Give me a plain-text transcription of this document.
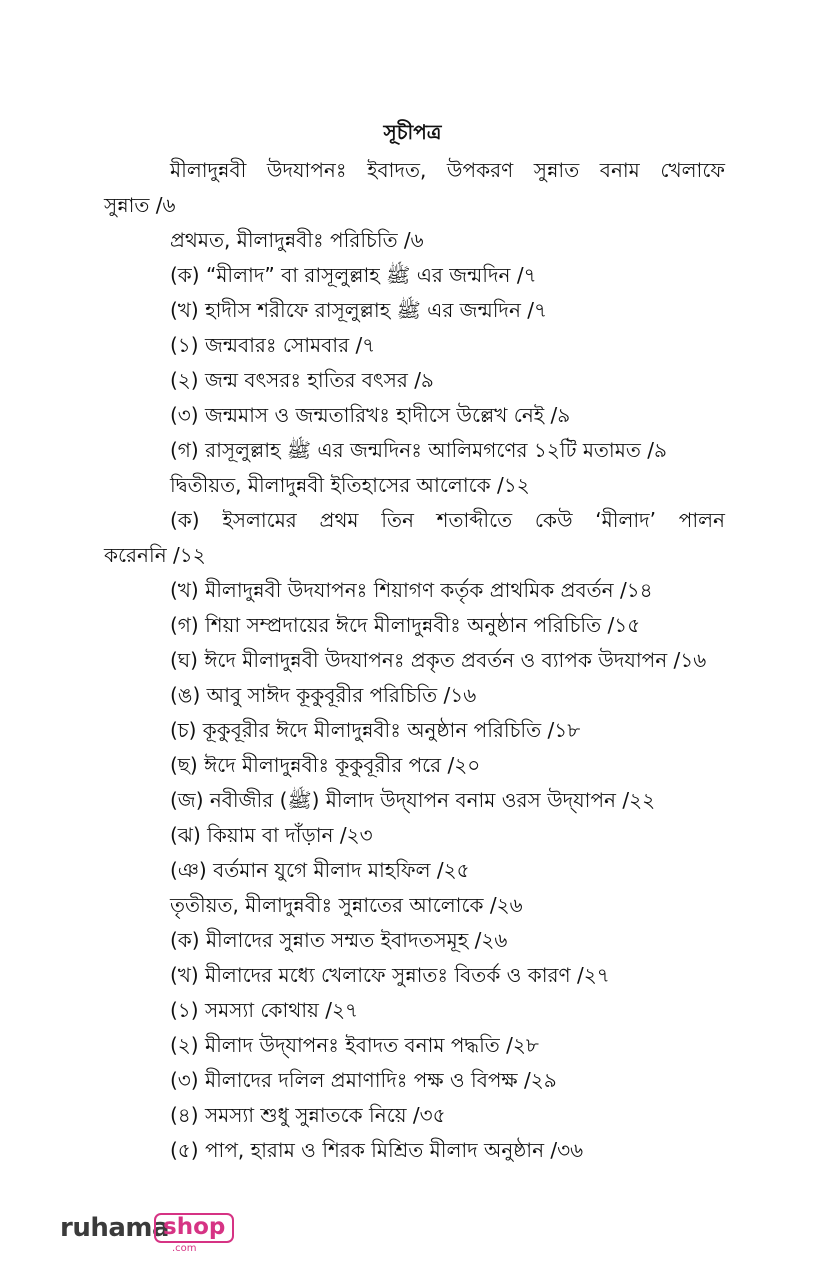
সূচীপত্র
মীলাদুন্নবী উদযাপনঃ ইবাদত, উপকরণ সুন্নাত বনাম খেলাফে
সুন্নাত /৬
প্রথমত, মীলাদুন্নবীঃ পরিচিতি /৬
(ক) “মীলাদ” বা রাসূলুল্লাহ ﷺ এর জন্মদিন /৭
(খ) হাদীস শরীফে রাসূলুল্লাহ ﷺ এর জন্মদিন /৭
(১) জন্মবারঃ সোমবার /৭
(২) জন্ম বৎসরঃ হাতির বৎসর /৯
(৩) জন্মমাস ও জন্মতারিখঃ হাদীসে উল্লেখ নেই /৯
(গ) রাসূলুল্লাহ ﷺ এর জন্মদিনঃ আলিমগণের ১২টি মতামত /৯
দ্বিতীয়ত, মীলাদুন্নবী ইতিহাসের আলোকে /১২
(ক) ইসলামের প্রথম তিন শতাব্দীতে কেউ ‘মীলাদ’ পালন
করেননি /১২
(খ) মীলাদুন্নবী উদযাপনঃ শিয়াগণ কর্তৃক প্রাথমিক প্রবর্তন /১৪
(গ) শিয়া সম্প্রদায়ের ঈদে মীলাদুন্নবীঃ অনুষ্ঠান পরিচিতি /১৫
(ঘ) ঈদে মীলাদুন্নবী উদযাপনঃ প্রকৃত প্রবর্তন ও ব্যাপক উদযাপন /১৬
(ঙ) আবু সাঈদ কূকুবূরীর পরিচিতি /১৬
(চ) কূকুবূরীর ঈদে মীলাদুন্নবীঃ অনুষ্ঠান পরিচিতি /১৮
(ছ) ঈদে মীলাদুন্নবীঃ কূকুবূরীর পরে /২০
(জ) নবীজীর (ﷺ) মীলাদ উদ্‌যাপন বনাম ওরস উদ্‌যাপন /২২
(ঝ) কিয়াম বা দাঁড়ান /২৩
(ঞ) বর্তমান যুগে মীলাদ মাহফিল /২৫
তৃতীয়ত, মীলাদুন্নবীঃ সুন্নাতের আলোকে /২৬
(ক) মীলাদের সুন্নাত সম্মত ইবাদতসমূহ /২৬
(খ) মীলাদের মধ্যে খেলাফে সুন্নাতঃ বিতর্ক ও কারণ /২৭
(১) সমস্যা কোথায় /২৭
(২) মীলাদ উদ্‌যাপনঃ ইবাদত বনাম পদ্ধতি /২৮
(৩) মীলাদের দলিল প্রমাণাদিঃ পক্ষ ও বিপক্ষ /২৯
(৪) সমস্যা শুধু সুন্নাতকে নিয়ে /৩৫
(৫) পাপ, হারাম ও শিরক মিশ্রিত মীলাদ অনুষ্ঠান /৩৬
ruhama
shop
.com
